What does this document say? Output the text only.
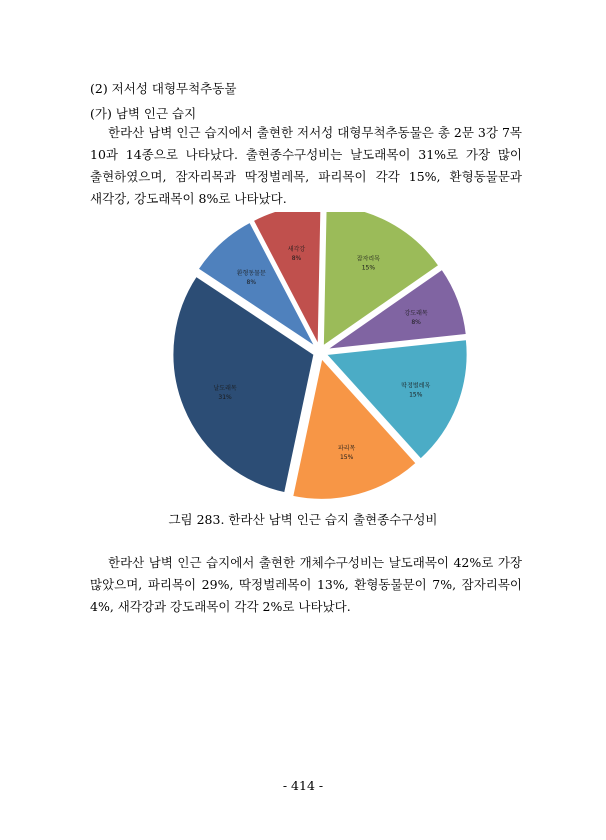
(2) 저서성 대형무척추동물
(가) 남벽 인근 습지
한라산 남벽 인근 습지에서 출현한 저서성 대형무척추동물은 총 2문 3강 7목
10과 14종으로 나타났다. 출현종수구성비는 날도래목이 31%로 가장 많이
출현하였으며, 잠자리목과 딱정벌레목, 파리목이 각각 15%, 환형동물문과
새각강, 강도래목이 8%로 나타났다.
잠자리목
15%
강도래목
8%
딱정벌레목
15%
파리목
15%
날도래목
31%
환형동물문
8%
새각강
8%
그림 283. 한라산 남벽 인근 습지 출현종수구성비
한라산 남벽 인근 습지에서 출현한 개체수구성비는 날도래목이 42%로 가장
많았으며, 파리목이 29%, 딱정벌레목이 13%, 환형동물문이 7%, 잠자리목이
4%, 새각강과 강도래목이 각각 2%로 나타났다.
- 414 -
